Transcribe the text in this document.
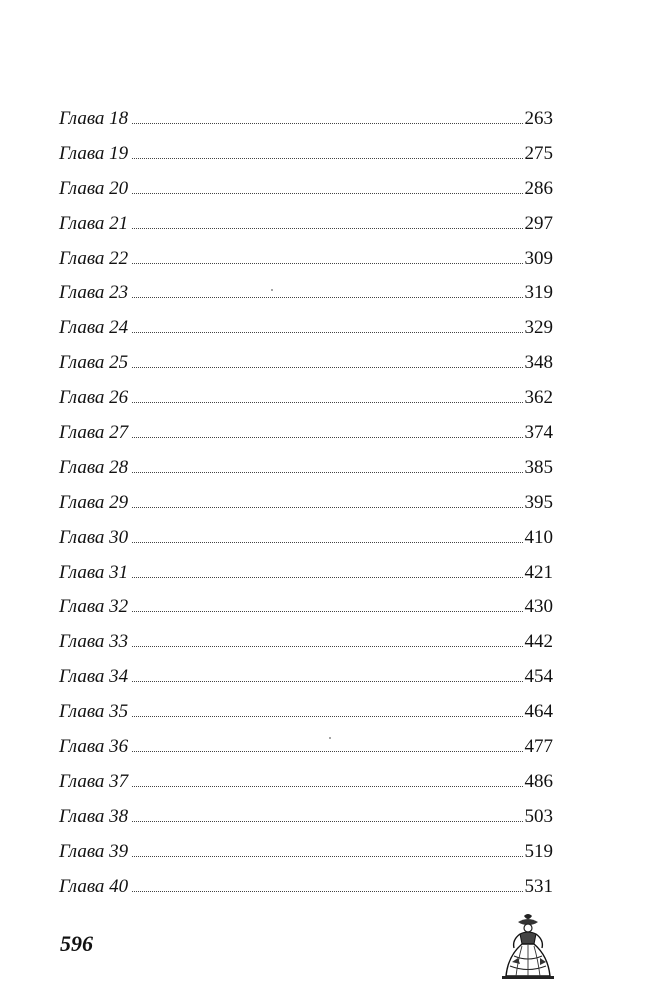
Глава 18	263
Глава 19	275
Глава 20	286
Глава 21	297
Глава 22	309
Глава 23	319
Глава 24	329
Глава 25	348
Глава 26	362
Глава 27	374
Глава 28	385
Глава 29	395
Глава 30	410
Глава 31	421
Глава 32	430
Глава 33	442
Глава 34	454
Глава 35	464
Глава 36	477
Глава 37	486
Глава 38	503
Глава 39	519
Глава 40	531
596
